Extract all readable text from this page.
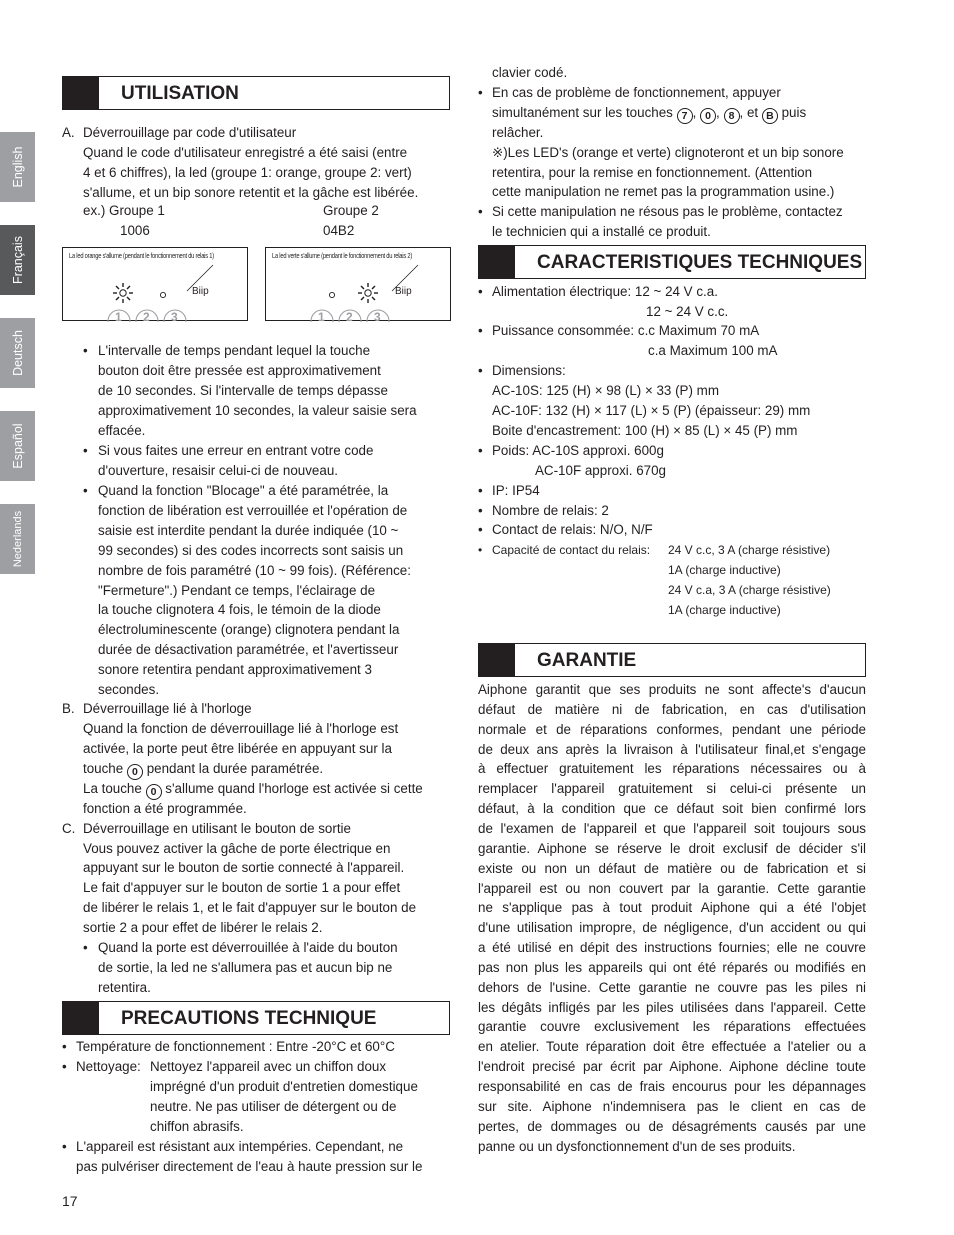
English
Français
Deutsch
Español
Nederlands
UTILISATION
A. Déverrouillage par code d'utilisateur
Quand le code d'utilisateur enregistré a été saisi (entre
4 et 6 chiffres), la led (groupe 1: orange, groupe 2: vert)
s'allume, et un bip sonore retentit et la gâche est libérée.
ex.) Groupe 1	Groupe 2
1006	04B2
La led orange s'allume (pendant le fonctionnement du relais 1)
1 2 3
Biip
La led verte s'allume (pendant le fonctionnement du relais 2)
1 2 3
Biip
• L'intervalle de temps pendant lequel la touche
bouton doit être pressée est approximativement
de 10 secondes. Si l'intervalle de temps dépasse
approximativement 10 secondes, la valeur saisie sera
effacée.
• Si vous faites une erreur en entrant votre code
d'ouverture, resaisir celui-ci de nouveau.
• Quand la fonction "Blocage" a été paramétrée, la
fonction de libération est verrouillée et l'opération de
saisie est interdite pendant la durée indiquée (10 ~
99 secondes) si des codes incorrects sont saisis un
nombre de fois paramétré (10 ~ 99 fois). (Référence:
"Fermeture".) Pendant ce temps, l'éclairage de
la touche clignotera 4 fois, le témoin de la diode
électroluminescente (orange) clignotera pendant la
durée de désactivation paramétrée, et l'avertisseur
sonore retentira pendant approximativement 3
secondes.
B. Déverrouillage lié à l'horloge
Quand la fonction de déverrouillage lié à l'horloge est
activée, la porte peut être libérée en appuyant sur la
touche 0 pendant la durée paramétrée.
La touche 0 s'allume quand l'horloge est activée si cette
fonction a été programmée.
C. Déverrouillage en utilisant le bouton de sortie
Vous pouvez activer la gâche de porte électrique en
appuyant sur le bouton de sortie connecté à l'appareil.
Le fait d'appuyer sur le bouton de sortie 1 a pour effet
de libérer le relais 1, et le fait d'appuyer sur le bouton de
sortie 2 a pour effet de libérer le relais 2.
• Quand la porte est déverrouillée à l'aide du bouton
de sortie, la led ne s'allumera pas et aucun bip ne
retentira.
PRECAUTIONS TECHNIQUE
• Température de fonctionnement : Entre -20°C et 60°C
• Nettoyage: Nettoyez l'appareil avec un chiffon doux
imprégné d'un produit d'entretien domestique
neutre. Ne pas utiliser de détergent ou de
chiffon abrasifs.
• L'appareil est résistant aux intempéries. Cependant, ne
pas pulvériser directement de l'eau à haute pression sur le
17
clavier codé.
• En cas de problème de fonctionnement, appuyer
simultanément sur les touches 7 , 0 , 8 , et B puis
relâcher.
※)Les LED's (orange et verte) clignoteront et un bip sonore
retentira, pour la remise en fonctionnement. (Attention
cette manipulation ne remet pas la programmation usine.)
• Si cette manipulation ne résous pas le problème, contactez
le technicien qui a installé ce produit.
CARACTERISTIQUES TECHNIQUES
• Alimentation électrique: 12 ~ 24 V c.a.
12 ~ 24 V c.c.
• Puissance consommée: c.c Maximum 70 mA
c.a Maximum 100 mA
• Dimensions:
AC-10S: 125 (H) × 98 (L) × 33 (P) mm
AC-10F: 132 (H) × 117 (L) × 5 (P) (épaisseur: 29) mm
Boite d'encastrement: 100 (H) × 85 (L) × 45 (P) mm
• Poids: AC-10S approxi. 600g
AC-10F approxi. 670g
• IP: IP54
• Nombre de relais: 2
• Contact de relais: N/O, N/F
• Capacité de contact du relais: 24 V c.c, 3 A (charge résistive)
1A (charge inductive)
24 V c.a, 3 A (charge résistive)
1A (charge inductive)
GARANTIE
Aiphone garantit que ses produits ne sont affecte's d'aucun
défaut de matière ni de fabrication, en cas d'utilisation
normale et de réparations conformes, pendant une période
de deux ans après la livraison à l'utilisateur final,et s'engage
à effectuer gratuitement les réparations nécessaires ou à
remplacer l'appareil gratuitement si celui-ci présente un
défaut, à la condition que ce défaut soit bien confirmé lors
de l'examen de l'appareil et que l'appareil soit toujours sous
garantie. Aiphone se réserve le droit exclusif de décider s'il
existe ou non un défaut de matière ou de fabrication et si
l'appareil est ou non couvert par la garantie. Cette garantie
ne s'applique pas à tout produit Aiphone qui a été l'objet
d'une utilisation impropre, de négligence, d'un accident ou qui
a été utilisé en dépit des instructions fournies; elle ne couvre
pas non plus les appareils qui ont été réparés ou modifiés en
dehors de l'usine. Cette garantie ne couvre pas les piles ni
les dégâts infligés par les piles utilisées dans l'appareil. Cette
garantie couvre exclusivement les réparations effectuées
en atelier. Toute réparation doit être effectuée a l'atelier ou a
l'endroit precisé par écrit par Aiphone. Aiphone décline toute
responsabilité en cas de frais encourus pour les dépannages
sur site. Aiphone n'indemnisera pas le client en cas de
pertes, de dommages ou de désagréments causés par une
panne ou un dysfonctionnement d'un de ses produits.
